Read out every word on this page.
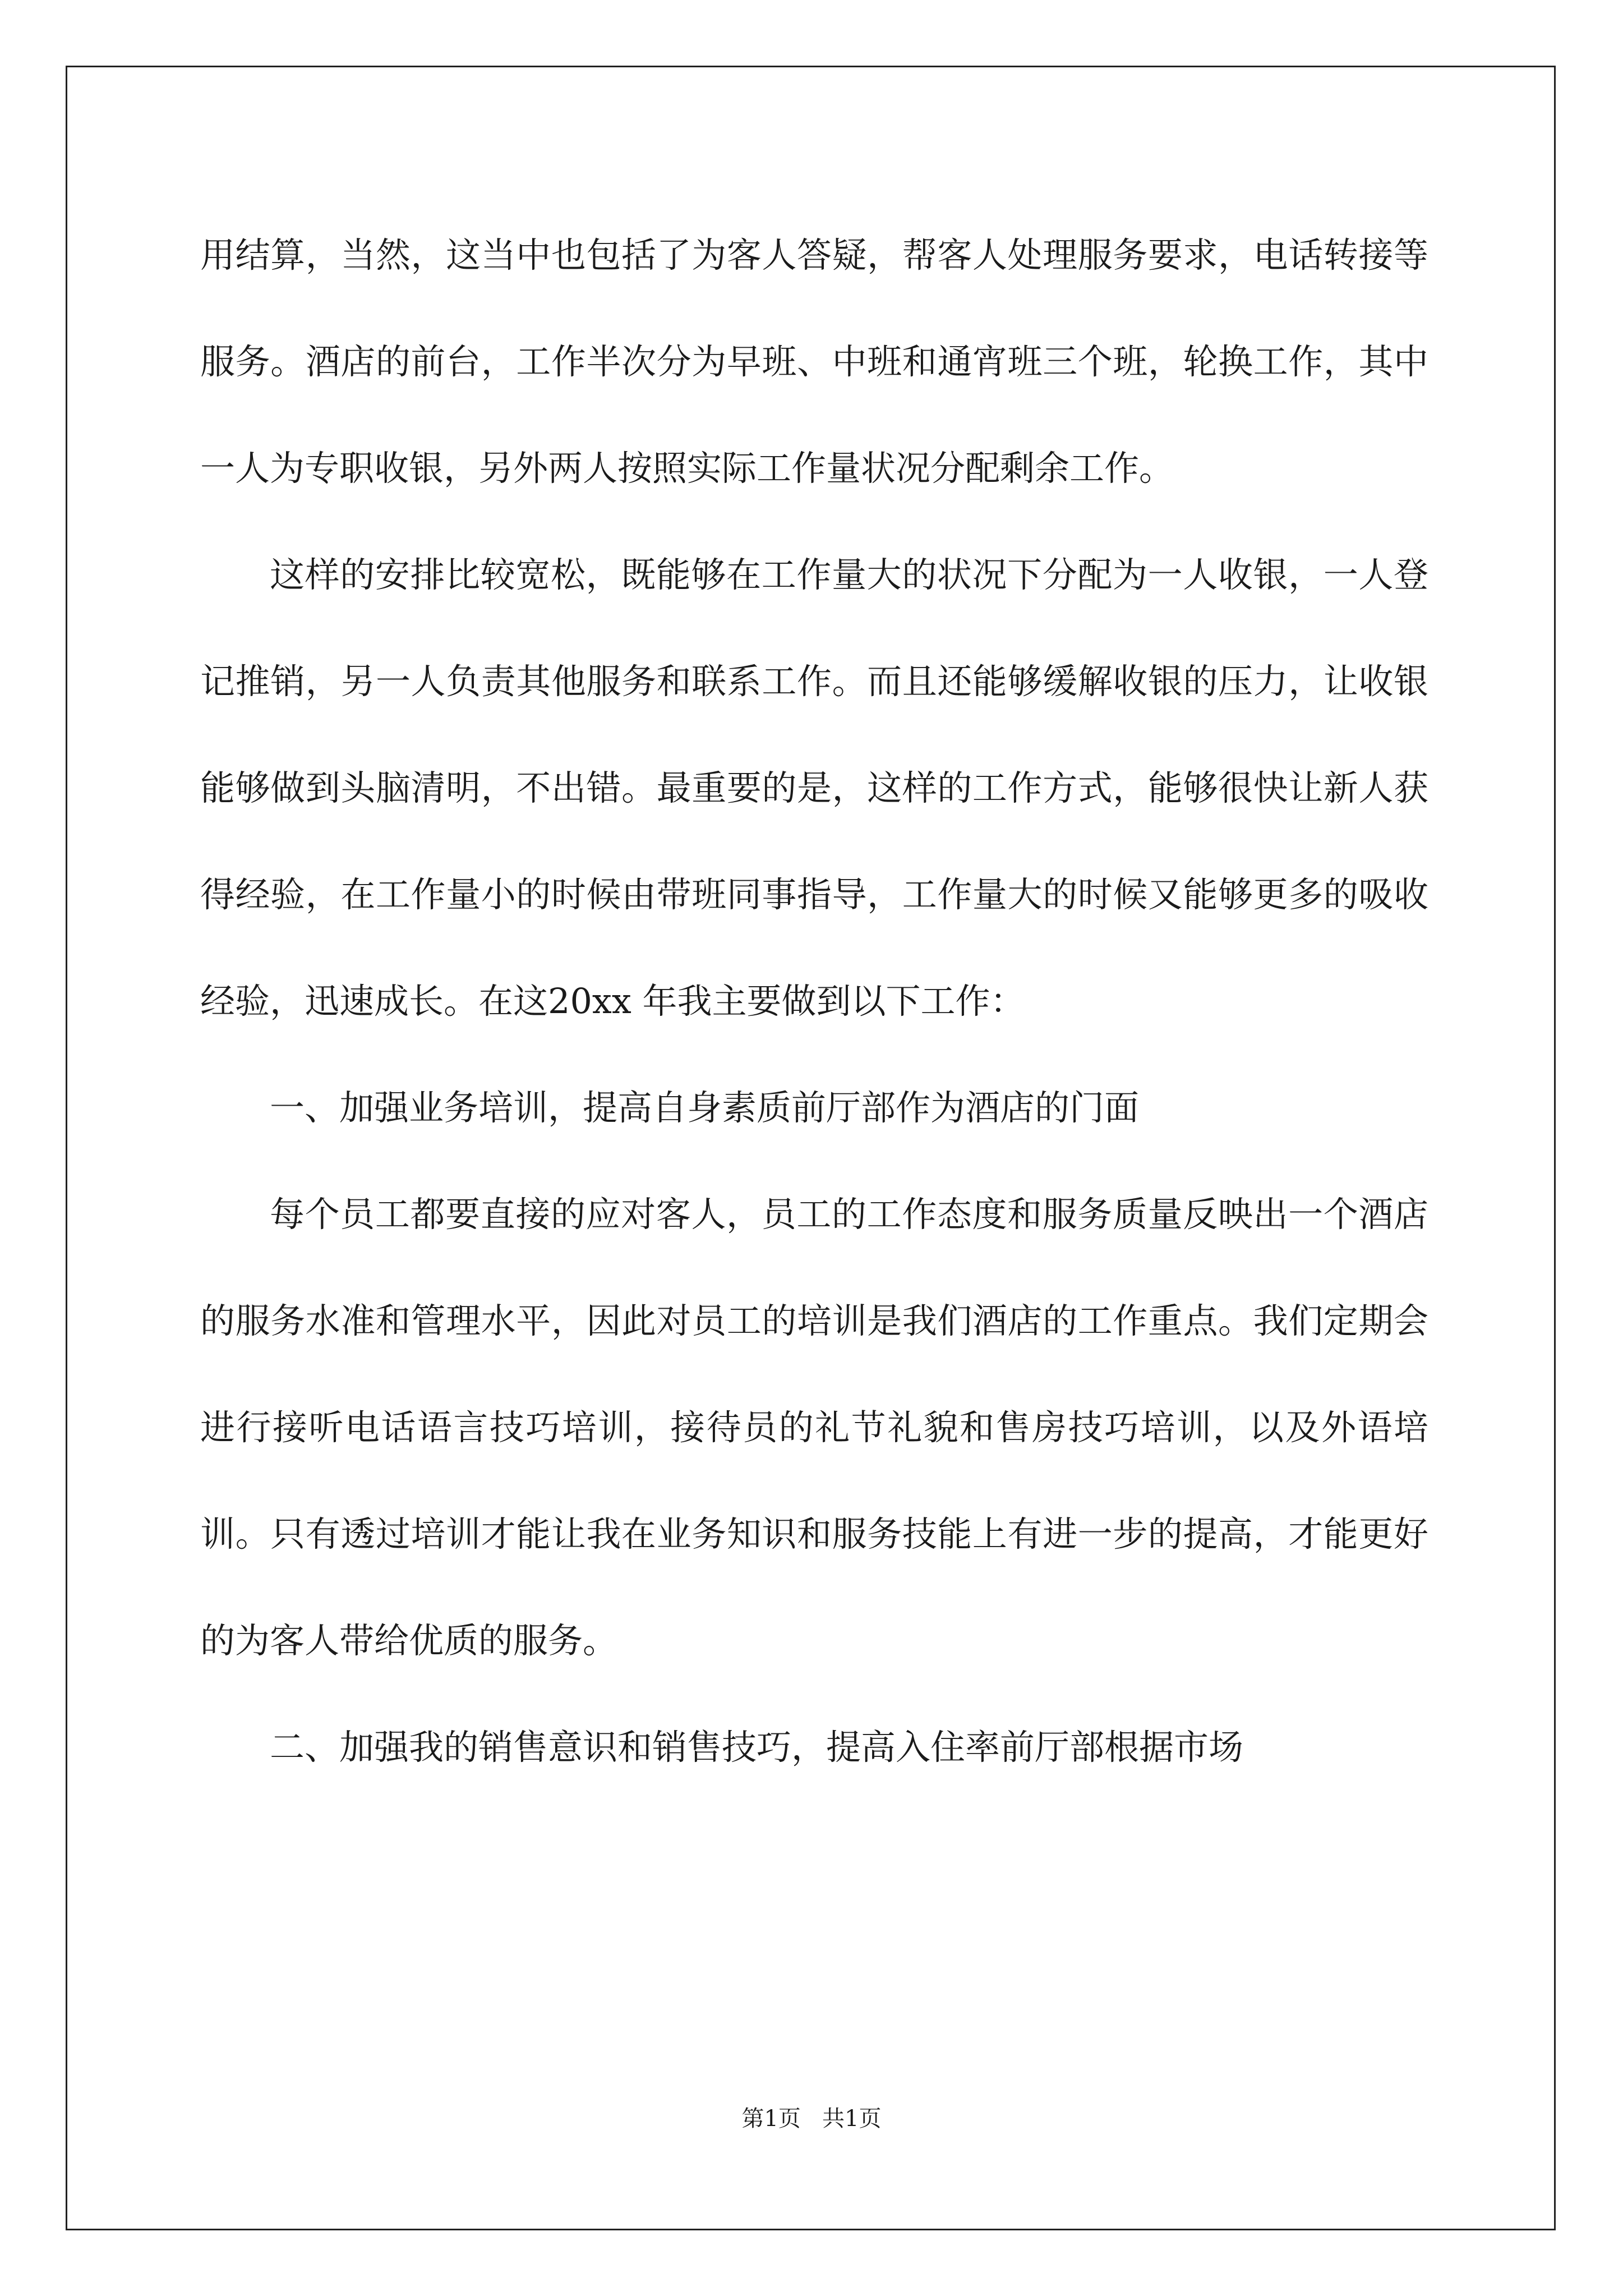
用结算，当然，这当中也包括了为客人答疑，帮客人处理服务要求，电话转接等服务。酒店的前台，工作半次分为早班、中班和通宵班三个班，轮换工作，其中一人为专职收银，另外两人按照实际工作量状况分配剩余工作。

这样的安排比较宽松，既能够在工作量大的状况下分配为一人收银，一人登记推销，另一人负责其他服务和联系工作。而且还能够缓解收银的压力，让收银能够做到头脑清明，不出错。最重要的是，这样的工作方式，能够很快让新人获得经验，在工作量小的时候由带班同事指导，工作量大的时候又能够更多的吸收经验，迅速成长。在这20xx 年我主要做到以下工作：

一、加强业务培训，提高自身素质前厅部作为酒店的门面

每个员工都要直接的应对客人，员工的工作态度和服务质量反映出一个酒店的服务水准和管理水平，因此对员工的培训是我们酒店的工作重点。我们定期会进行接听电话语言技巧培训，接待员的礼节礼貌和售房技巧培训，以及外语培训。只有透过培训才能让我在业务知识和服务技能上有进一步的提高，才能更好的为客人带给优质的服务。

二、加强我的销售意识和销售技巧，提高入住率前厅部根据市场

第1页   共1页
